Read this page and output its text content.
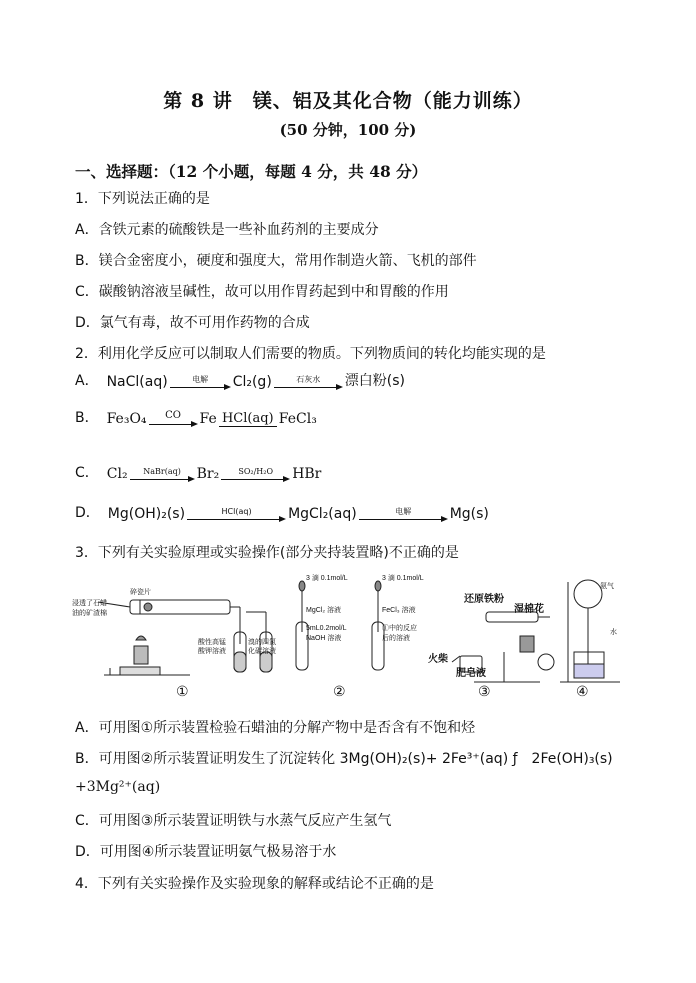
第 8 讲　镁、铝及其化合物（能力训练）
(50 分钟，100 分)
一、选择题：（12 个小题，每题 4 分，共 48 分）
1．下列说法正确的是
A．含铁元素的硫酸铁是一些补血药剂的主要成分
B．镁合金密度小，硬度和强度大，常用作制造火箭、飞机的部件
C．碳酸钠溶液呈碱性，故可以用作胃药起到中和胃酸的作用
D．氯气有毒，故不可用作药物的合成
2．利用化学反应可以制取人们需要的物质。下列物质间的转化均能实现的是
A． NaCl(aq)	电解 Cl₂(g)	石灰水 漂白粉(s)
B． Fe₃O₄ CO Fe HCl(aq) FeCl₃
C． Cl₂ NaBr(aq) Br₂ SO₂/H₂O HBr
D． Mg(OH)₂(s)	HCl(aq)	MgCl₂(aq)	电解	Mg(s)
3．下列有关实验原理或实验操作(部分夹持装置略)不正确的是
碎瓷片
浸透了石蜡
油的矿渣棉
酸性高锰
酸钾溶液
溴的四氯
化碳溶液
3 滴 0.1mol/L
MgCl₂ 溶液
5mL0.2mol/L
NaOH 溶液
3 滴 0.1mol/L
FeCl₃ 溶液
①中的反应
后的溶液
氨气
水
还原铁粉
湿棉花
火柴
肥皂液
①	②	③	④
A．可用图①所示装置检验石蜡油的分解产物中是否含有不饱和烃
B．可用图②所示装置证明发生了沉淀转化 3Mg(OH)₂(s)+ 2Fe³⁺(aq) ƒ　2Fe(OH)₃(s)
+3Mg²⁺(aq)
C．可用图③所示装置证明铁与水蒸气反应产生氢气
D．可用图④所示装置证明氨气极易溶于水
4．下列有关实验操作及实验现象的解释或结论不正确的是
